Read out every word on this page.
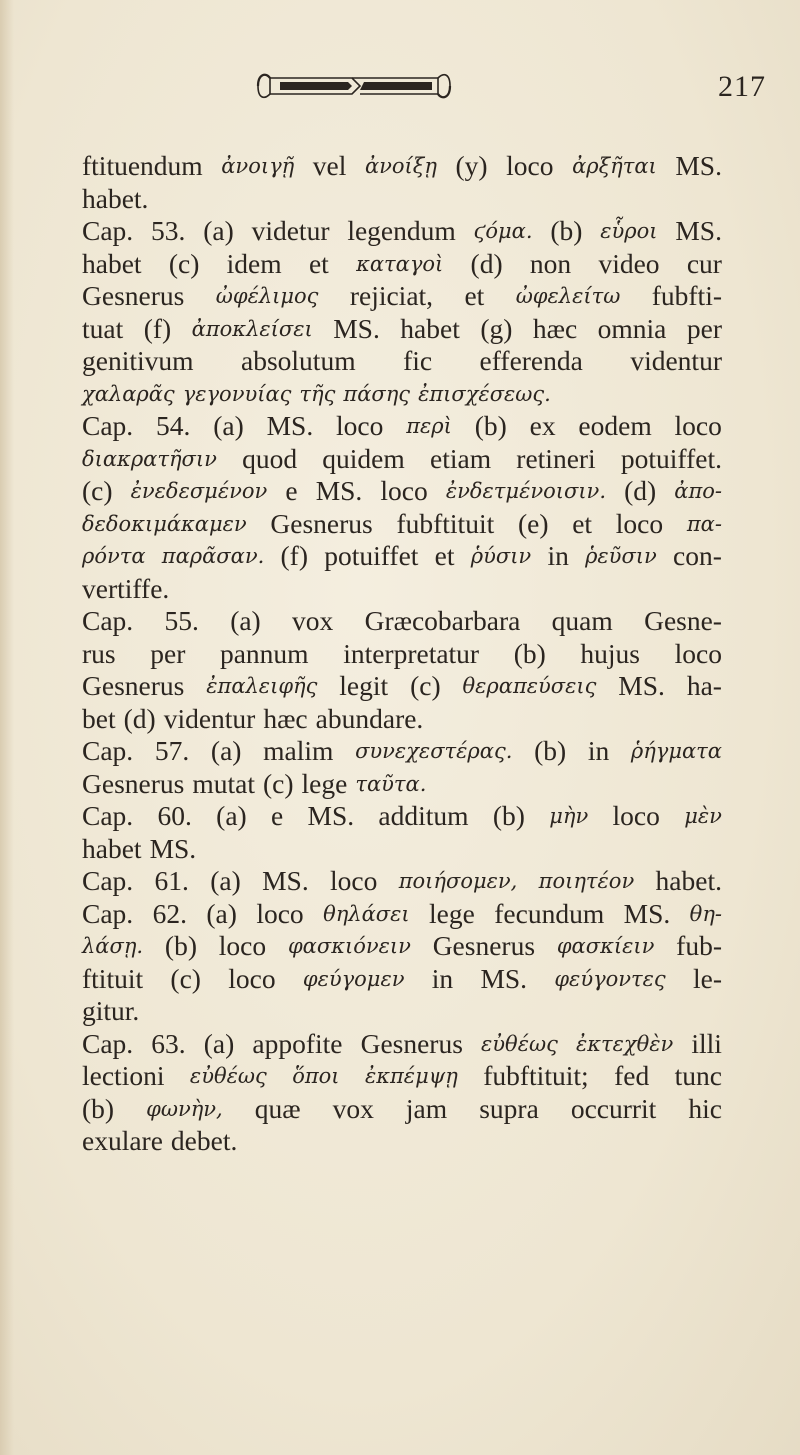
217
ftituendum ἀνοιγῇ vel ἀνοίξῃ (y) loco ἀρξῆται MS.
habet.
Cap. 53. (a) videtur legendum ϛόμα. (b) εὗροι MS.
habet (c) idem et καταγοὶ (d) non video cur
Gesnerus ὠφέλιμος rejiciat, et ὠφελείτω fubfti-
tuat (f) ἀποκλείσει MS. habet (g) hæc omnia per
genitivum absolutum fic efferenda videntur
χαλαρᾶς γεγονυίας τῆς πάσης ἐπισχέσεως.
Cap. 54. (a) MS. loco περὶ (b) ex eodem loco
διακρατῆσιν quod quidem etiam retineri potuiffet.
(c) ἐνεδεσμένον e MS. loco ἐνδετμένοισιν. (d) ἀπο-
δεδοκιμάκαμεν Gesnerus fubftituit (e) et loco πα-
ρόντα παρᾶσαν. (f) potuiffet et ῥύσιν in ῥεῦσιν con-
vertiffe.
Cap. 55. (a) vox Græcobarbara quam Gesne-
rus per pannum interpretatur (b) hujus loco
Gesnerus ἐπαλειφῆς legit (c) θεραπεύσεις MS. ha-
bet (d) videntur hæc abundare.
Cap. 57. (a) malim συνεχεστέρας. (b) in ῥήγματα
Gesnerus mutat (c) lege ταῦτα.
Cap. 60. (a) e MS. additum (b) μὴν loco μὲν
habet MS.
Cap. 61. (a) MS. loco ποιήσομεν, ποιητέον habet.
Cap. 62. (a) loco θηλάσει lege fecundum MS. θη-
λάσῃ. (b) loco φασκιόνειν Gesnerus φασκίειν fub-
ftituit (c) loco φεύγομεν in MS. φεύγοντες le-
gitur.
Cap. 63. (a) appofite Gesnerus εὐθέως ἐκτεχθὲν illi
lectioni εὐθέως ὅποι ἐκπέμψῃ fubftituit; fed tunc
(b) φωνὴν, quæ vox jam supra occurrit hic
exulare debet.
